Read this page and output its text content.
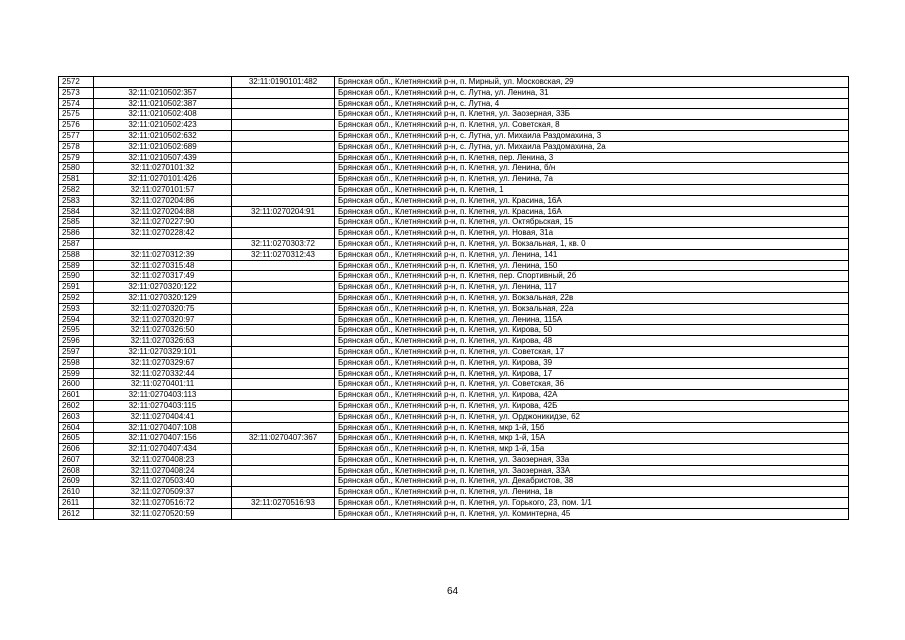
2572		32:11:0190101:482	Брянская обл., Клетнянский р-н, п. Мирный, ул. Московская, 29
2573	32:11:0210502:357		Брянская обл., Клетнянский р-н, с. Лутна, ул. Ленина, 31
2574	32:11:0210502:387		Брянская обл., Клетнянский р-н, с. Лутна, 4
2575	32:11:0210502:408		Брянская обл., Клетнянский р-н, п. Клетня, ул. Заозерная, 33Б
2576	32:11:0210502:423		Брянская обл., Клетнянский р-н, п. Клетня, ул. Советская, 8
2577	32:11:0210502:632		Брянская обл., Клетнянский р-н, с. Лутна, ул. Михаила Раздомахина, 3
2578	32:11:0210502:689		Брянская обл., Клетнянский р-н, с. Лутна, ул. Михаила Раздомахина, 2а
2579	32:11:0210507:439		Брянская обл., Клетнянский р-н, п. Клетня, пер. Ленина, 3
2580	32:11:0270101:32		Брянская обл., Клетнянский р-н, п. Клетня, ул. Ленина, б/н
2581	32:11:0270101:426		Брянская обл., Клетнянский р-н, п. Клетня, ул. Ленина, 7а
2582	32:11:0270101:57		Брянская обл., Клетнянский р-н, п. Клетня, 1
2583	32:11:0270204:86		Брянская обл., Клетнянский р-н, п. Клетня, ул. Красина, 16А
2584	32:11:0270204:88	32:11:0270204:91	Брянская обл., Клетнянский р-н, п. Клетня, ул. Красина, 16А
2585	32:11:0270227:90		Брянская обл., Клетнянский р-н, п. Клетня, ул. Октябрьская, 15
2586	32:11:0270228:42		Брянская обл., Клетнянский р-н, п. Клетня, ул. Новая, 31а
2587		32:11:0270303:72	Брянская обл., Клетнянский р-н, п. Клетня, ул. Вокзальная, 1, кв. 0
2588	32:11:0270312:39	32:11:0270312:43	Брянская обл., Клетнянский р-н, п. Клетня, ул. Ленина, 141
2589	32:11:0270315:48		Брянская обл., Клетнянский р-н, п. Клетня, ул. Ленина, 150
2590	32:11:0270317:49		Брянская обл., Клетнянский р-н, п. Клетня, пер. Спортивный, 2б
2591	32:11:0270320:122		Брянская обл., Клетнянский р-н, п. Клетня, ул. Ленина, 117
2592	32:11:0270320:129		Брянская обл., Клетнянский р-н, п. Клетня, ул. Вокзальная, 22в
2593	32:11:0270320:75		Брянская обл., Клетнянский р-н, п. Клетня, ул. Вокзальная, 22а
2594	32:11:0270320:97		Брянская обл., Клетнянский р-н, п. Клетня, ул. Ленина, 115А
2595	32:11:0270326:50		Брянская обл., Клетнянский р-н, п. Клетня, ул. Кирова, 50
2596	32:11:0270326:63		Брянская обл., Клетнянский р-н, п. Клетня, ул. Кирова, 48
2597	32:11:0270329:101		Брянская обл., Клетнянский р-н, п. Клетня, ул. Советская, 17
2598	32:11:0270329:67		Брянская обл., Клетнянский р-н, п. Клетня, ул. Кирова, 39
2599	32:11:0270332:44		Брянская обл., Клетнянский р-н, п. Клетня, ул. Кирова, 17
2600	32:11:0270401:11		Брянская обл., Клетнянский р-н, п. Клетня, ул. Советская, 36
2601	32:11:0270403:113		Брянская обл., Клетнянский р-н, п. Клетня, ул. Кирова, 42А
2602	32:11:0270403:115		Брянская обл., Клетнянский р-н, п. Клетня, ул. Кирова, 42Б
2603	32:11:0270404:41		Брянская обл., Клетнянский р-н, п. Клетня, ул. Орджоникидзе, 62
2604	32:11:0270407:108		Брянская обл., Клетнянский р-н, п. Клетня, мкр 1-й, 15б
2605	32:11:0270407:156	32:11:0270407:367	Брянская обл., Клетнянский р-н, п. Клетня, мкр 1-й, 15А
2606	32:11:0270407:434		Брянская обл., Клетнянский р-н, п. Клетня, мкр 1-й, 15а
2607	32:11:0270408:23		Брянская обл., Клетнянский р-н, п. Клетня, ул. Заозерная, 33а
2608	32:11:0270408:24		Брянская обл., Клетнянский р-н, п. Клетня, ул. Заозерная, 33А
2609	32:11:0270503:40		Брянская обл., Клетнянский р-н, п. Клетня, ул. Декабристов, 38
2610	32:11:0270509:37		Брянская обл., Клетнянский р-н, п. Клетня, ул. Ленина, 1в
2611	32:11:0270516:72	32:11:0270516:93	Брянская обл., Клетнянский р-н, п. Клетня, ул. Горького, 23, пом. 1/1
2612	32:11:0270520:59		Брянская обл., Клетнянский р-н, п. Клетня, ул. Коминтерна, 45
64
